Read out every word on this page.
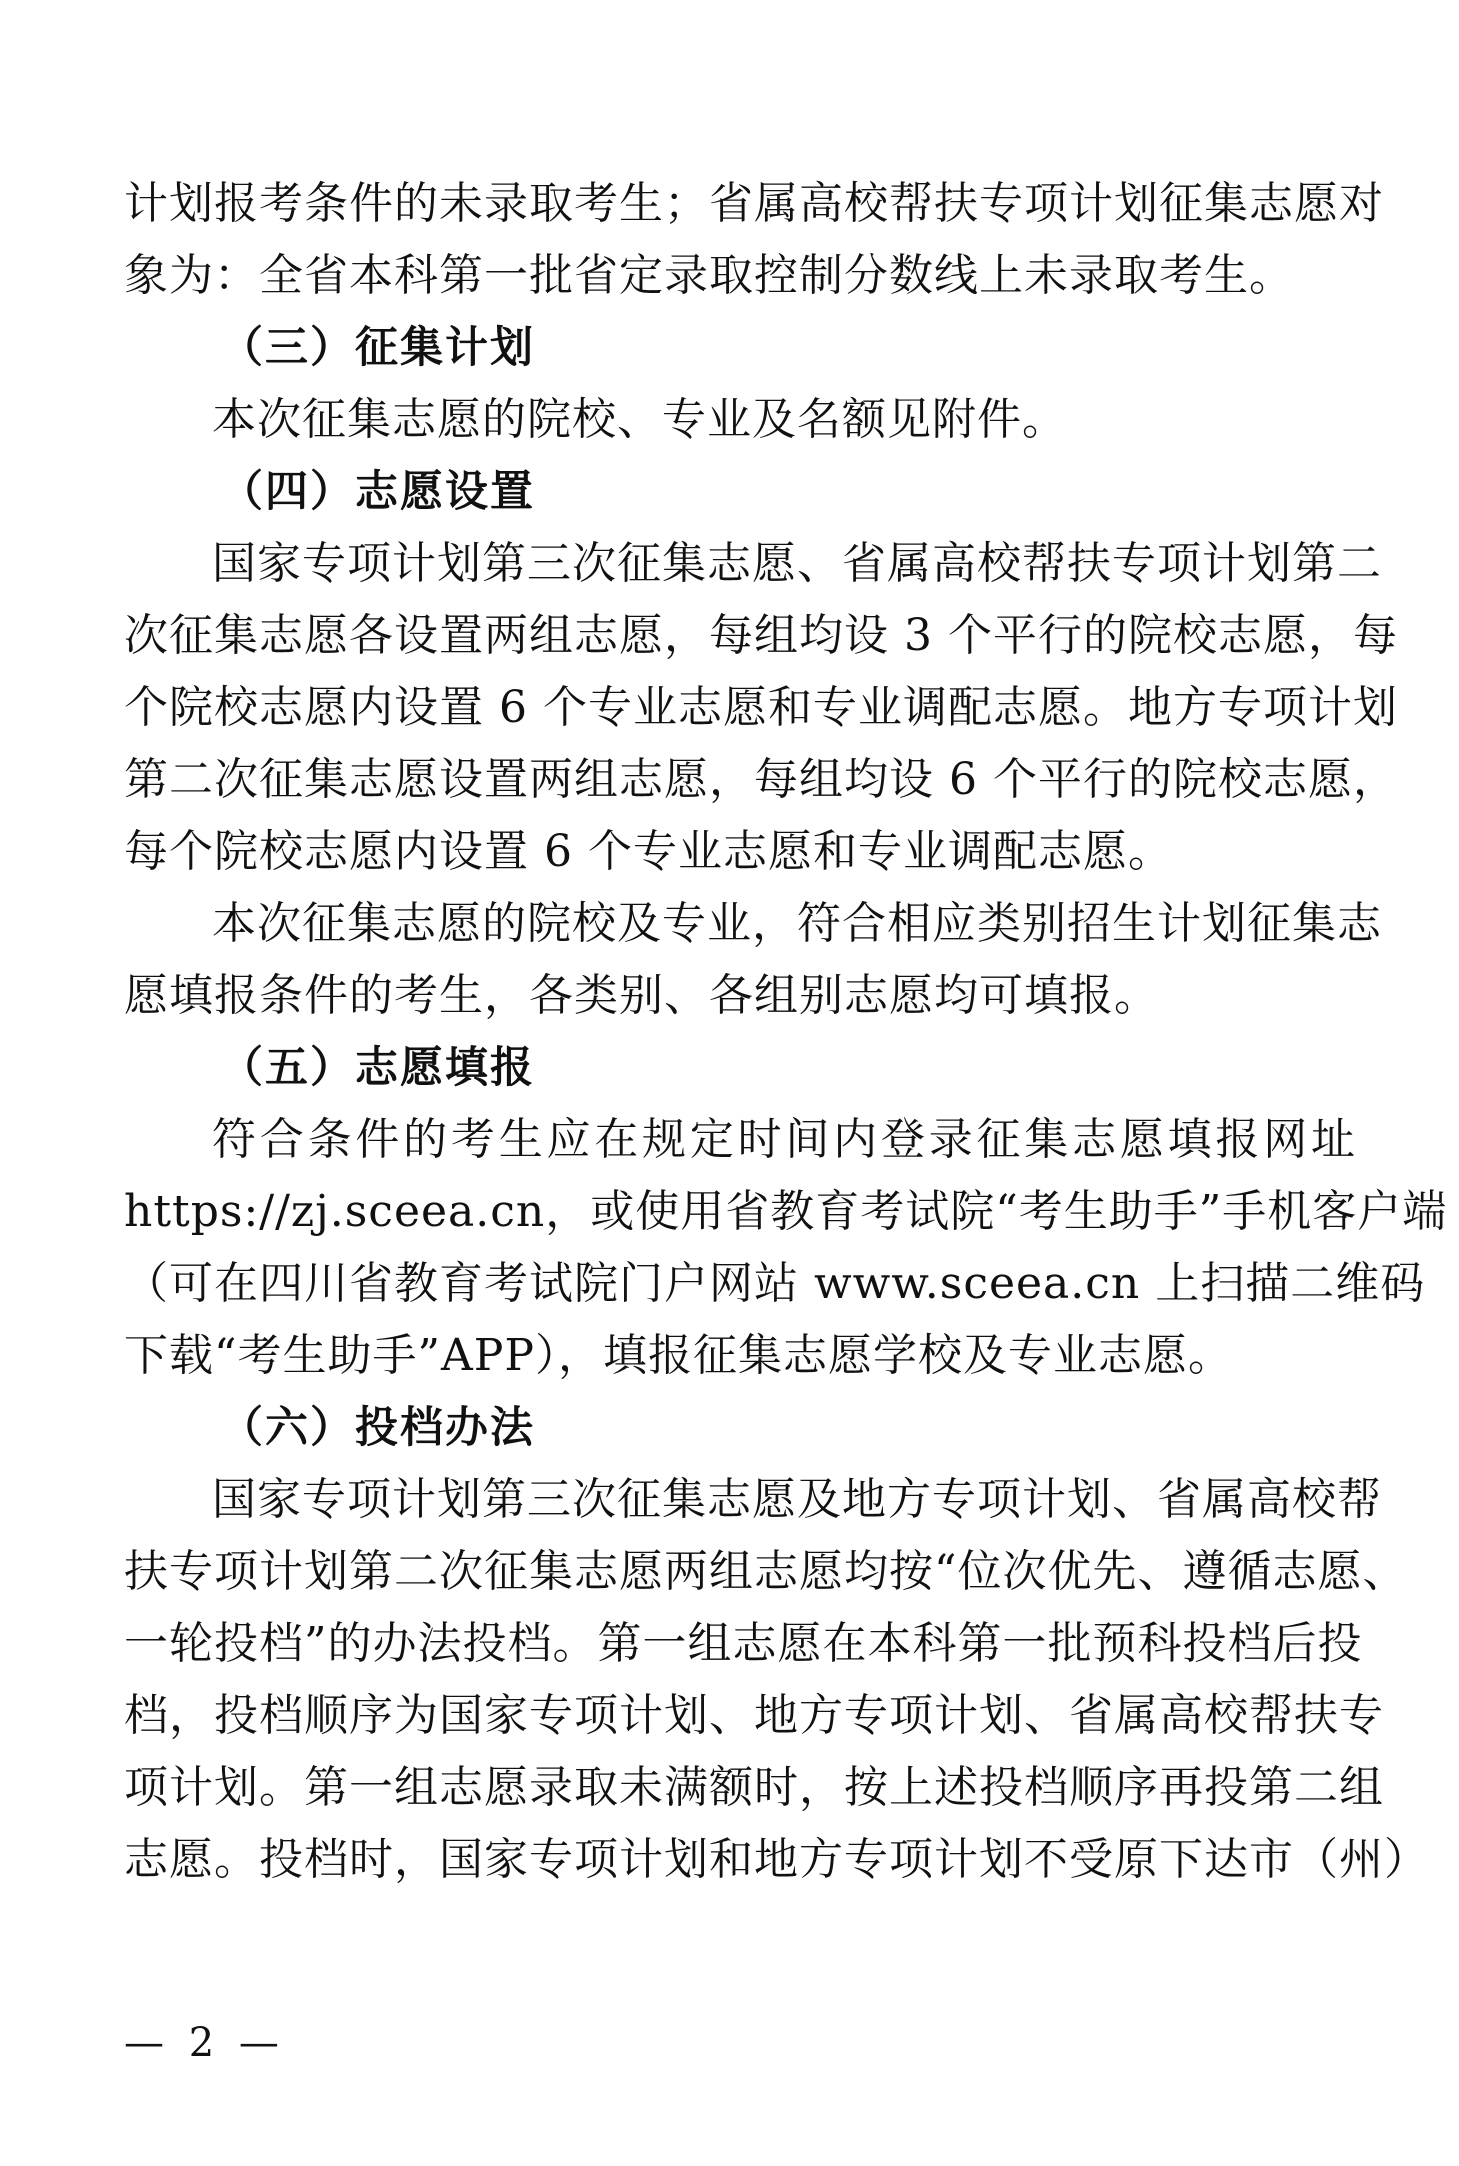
计划报考条件的未录取考生；省属高校帮扶专项计划征集志愿对
象为：全省本科第一批省定录取控制分数线上未录取考生。
（三）征集计划
本次征集志愿的院校、专业及名额见附件。
（四）志愿设置
国家专项计划第三次征集志愿、省属高校帮扶专项计划第二
次征集志愿各设置两组志愿，每组均设 3 个平行的院校志愿，每
个院校志愿内设置 6 个专业志愿和专业调配志愿。地方专项计划
第二次征集志愿设置两组志愿，每组均设 6 个平行的院校志愿，
每个院校志愿内设置 6 个专业志愿和专业调配志愿。
本次征集志愿的院校及专业，符合相应类别招生计划征集志
愿填报条件的考生，各类别、各组别志愿均可填报。
（五）志愿填报
符合条件的考生应在规定时间内登录征集志愿填报网址
https://zj.sceea.cn，或使用省教育考试院“考生助手”手机客户端
（可在四川省教育考试院门户网站 www.sceea.cn 上扫描二维码
下载“考生助手”APP），填报征集志愿学校及专业志愿。
（六）投档办法
国家专项计划第三次征集志愿及地方专项计划、省属高校帮
扶专项计划第二次征集志愿两组志愿均按“位次优先、遵循志愿、
一轮投档”的办法投档。第一组志愿在本科第一批预科投档后投
档，投档顺序为国家专项计划、地方专项计划、省属高校帮扶专
项计划。第一组志愿录取未满额时，按上述投档顺序再投第二组
志愿。投档时，国家专项计划和地方专项计划不受原下达市（州）
— 2 —
